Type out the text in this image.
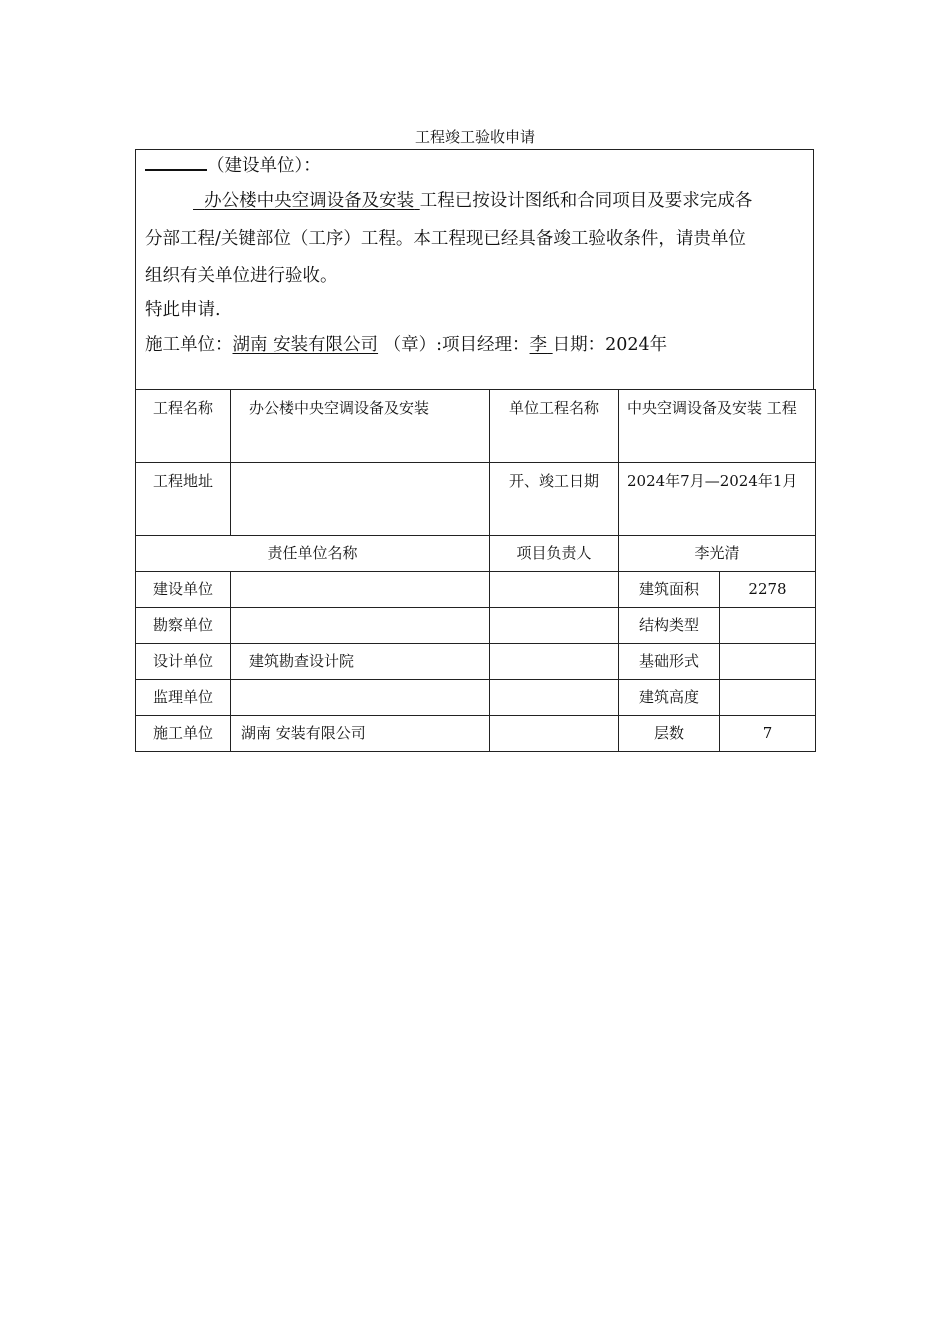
工程竣工验收申请
（建设单位）：
办公楼中央空调设备及安装 工程已按设计图纸和合同项目及要求完成各
分部工程/关键部位（工序）工程。本工程现已经具备竣工验收条件，请贵单位
组织有关单位进行验收。
特此申请.
施工单位：湖南 安装有限公司 （章）:项目经理：李 日期：2024年
工程名称	办公楼中央空调设备及安装	单位工程名称	中央空调设备及安装 工程	
工程地址		开、竣工日期	2024年7月—2024年1月	
责任单位名称		项目负责人	李光清	
建设单位			建筑面积	2278
勘察单位			结构类型	
设计单位	建筑勘查设计院		基础形式	
监理单位			建筑高度	
施工单位	湖南 安装有限公司		层数	7
